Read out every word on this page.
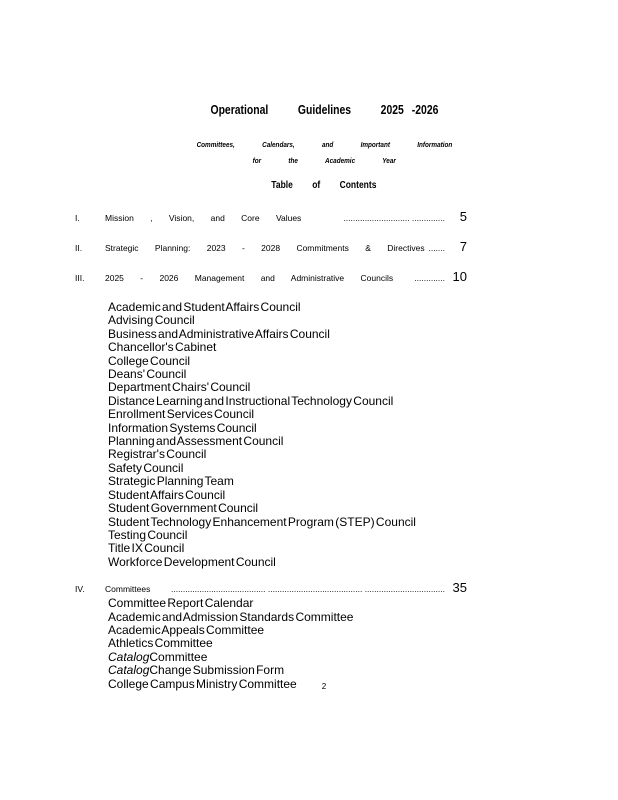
Operational Guidelines 2025 -2026
Committees, Calendars, and Important Information
for the Academic Year
Table of Contents
I.	Mission , Vision, and Core Values	............................ ..............	5
II.	Strategic Planning: 2023 - 2028 Commitments & Directives .......	7
III.	2025 - 2026 Management and Administrative Councils ............. 10
Academic and Student Affairs Council
Advising Council
Business and Administrative Affairs Council
Chancellor's Cabinet
College Council
Deans' Council
Department Chairs' Council
Distance Learning and Instructional Technology Council
Enrollment Services Council
Information Systems Council
Planning and Assessment Council
Registrar's Council
Safety Council
Strategic Planning Team
Student Affairs Council
Student Government Council
Student Technology Enhancement Program (STEP) Council
Testing Council
Title IX Council
Workforce Development Council
IV.	Committees ........................................ ........................................ .................................. 35
Committee Report Calendar
Academic and Admission Standards Committee
Academic Appeals Committee
Athletics Committee
CatalogCommittee
CatalogChange Submission Form
College Campus Ministry Committee	2
